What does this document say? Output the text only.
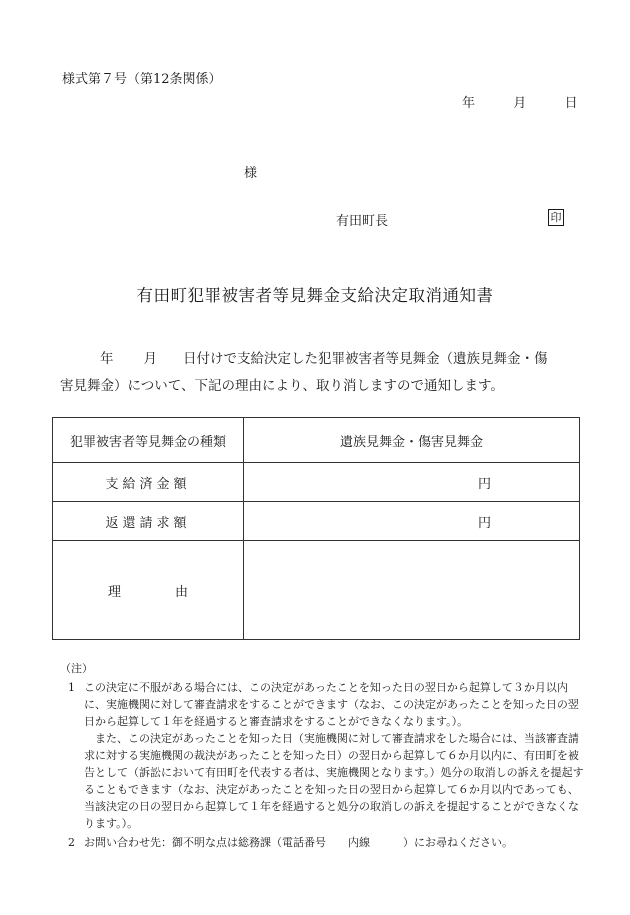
様式第７号（第12条関係）
年	月	日
様
有田町長	印
有田町犯罪被害者等見舞金支給決定取消通知書

年 月 日付けで支給決定した犯罪被害者等見舞金（遺族見舞金・傷

害見舞金）について、下記の理由により、取り消しますので通知します。

犯罪被害者等見舞金の種類	遺族見舞金・傷害見舞金
支給済金額	円
返還請求額	円
理 由	

（注）

1 この決定に不服がある場合には、この決定があったことを知った日の翌日から起算して３か月以内に、実施機関に対して審査請求をすることができます（なお、この決定があったことを知った日の翌日から起算して１年を経過すると審査請求をすることができなくなります。）。

また、この決定があったことを知った日（実施機関に対して審査請求をした場合には、当該審査請求に対する実施機関の裁決があったことを知った日）の翌日から起算して６か月以内に、有田町を被告として（訴訟において有田町を代表する者は、実施機関となります。）処分の取消しの訴えを提起することもできます（なお、決定があったことを知った日の翌日から起算して６か月以内であっても、当該決定の日の翌日から起算して１年を経過すると処分の取消しの訴えを提起することができなくなります。）。

2 お問い合わせ先：御不明な点は総務課（電話番号　　内線　　　）にお尋ねください。
